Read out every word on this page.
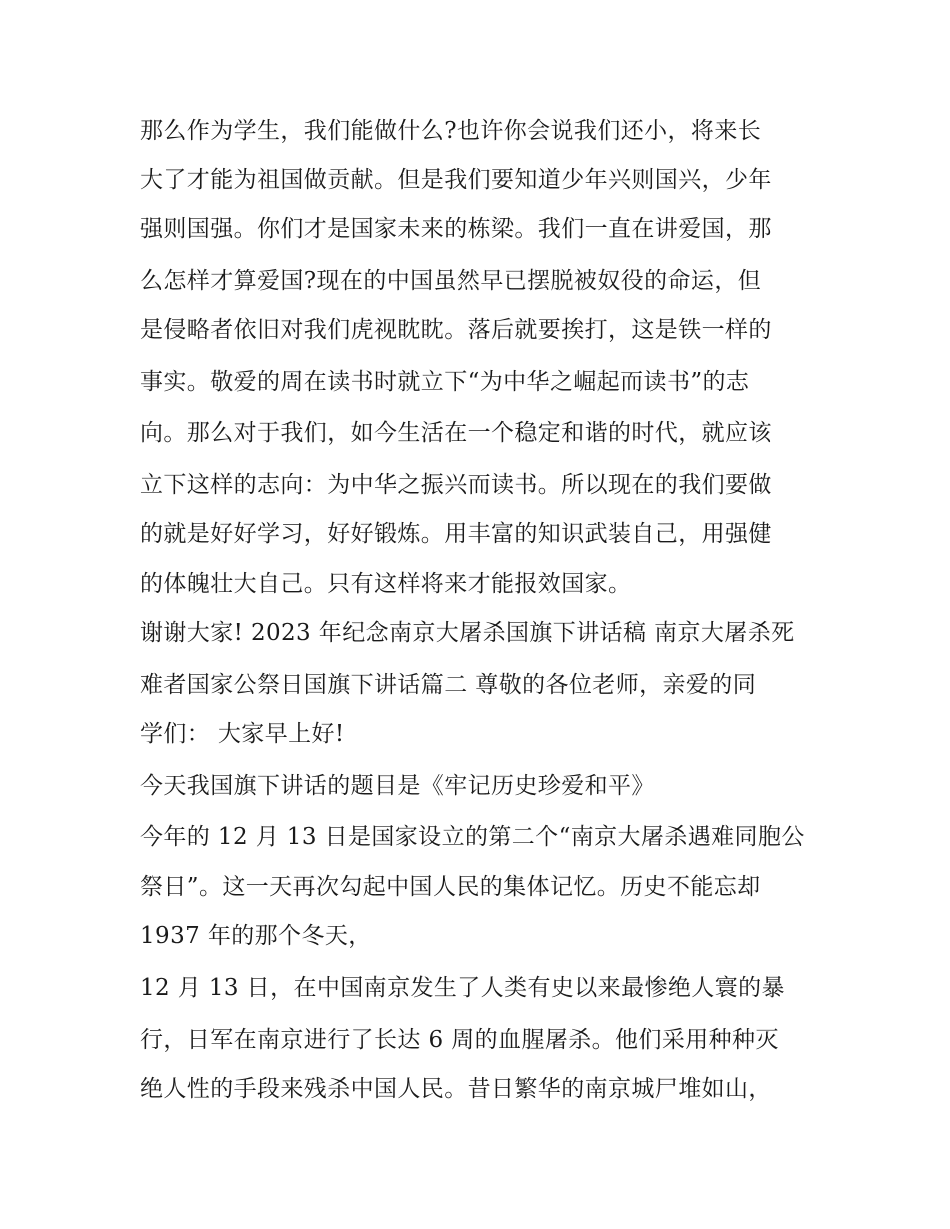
那么作为学生，我们能做什么?也许你会说我们还小，将来长
大了才能为祖国做贡献。但是我们要知道少年兴则国兴，少年
强则国强。你们才是国家未来的栋梁。我们一直在讲爱国，那
么怎样才算爱国?现在的中国虽然早已摆脱被奴役的命运，但
是侵略者依旧对我们虎视眈眈。落后就要挨打，这是铁一样的
事实。敬爱的周在读书时就立下“为中华之崛起而读书”的志
向。那么对于我们，如今生活在一个稳定和谐的时代，就应该
立下这样的志向：为中华之振兴而读书。所以现在的我们要做
的就是好好学习，好好锻炼。用丰富的知识武装自己，用强健
的体魄壮大自己。只有这样将来才能报效国家。
谢谢大家! 2023 年纪念南京大屠杀国旗下讲话稿 南京大屠杀死
难者国家公祭日国旗下讲话篇二 尊敬的各位老师，亲爱的同
学们： 大家早上好!
今天我国旗下讲话的题目是《牢记历史珍爱和平》
今年的 12 月 13 日是国家设立的第二个“南京大屠杀遇难同胞公
祭日”。这一天再次勾起中国人民的集体记忆。历史不能忘却
1937 年的那个冬天，
12 月 13 日，在中国南京发生了人类有史以来最惨绝人寰的暴
行，日军在南京进行了长达 6 周的血腥屠杀。他们采用种种灭
绝人性的手段来残杀中国人民。昔日繁华的南京城尸堆如山，
